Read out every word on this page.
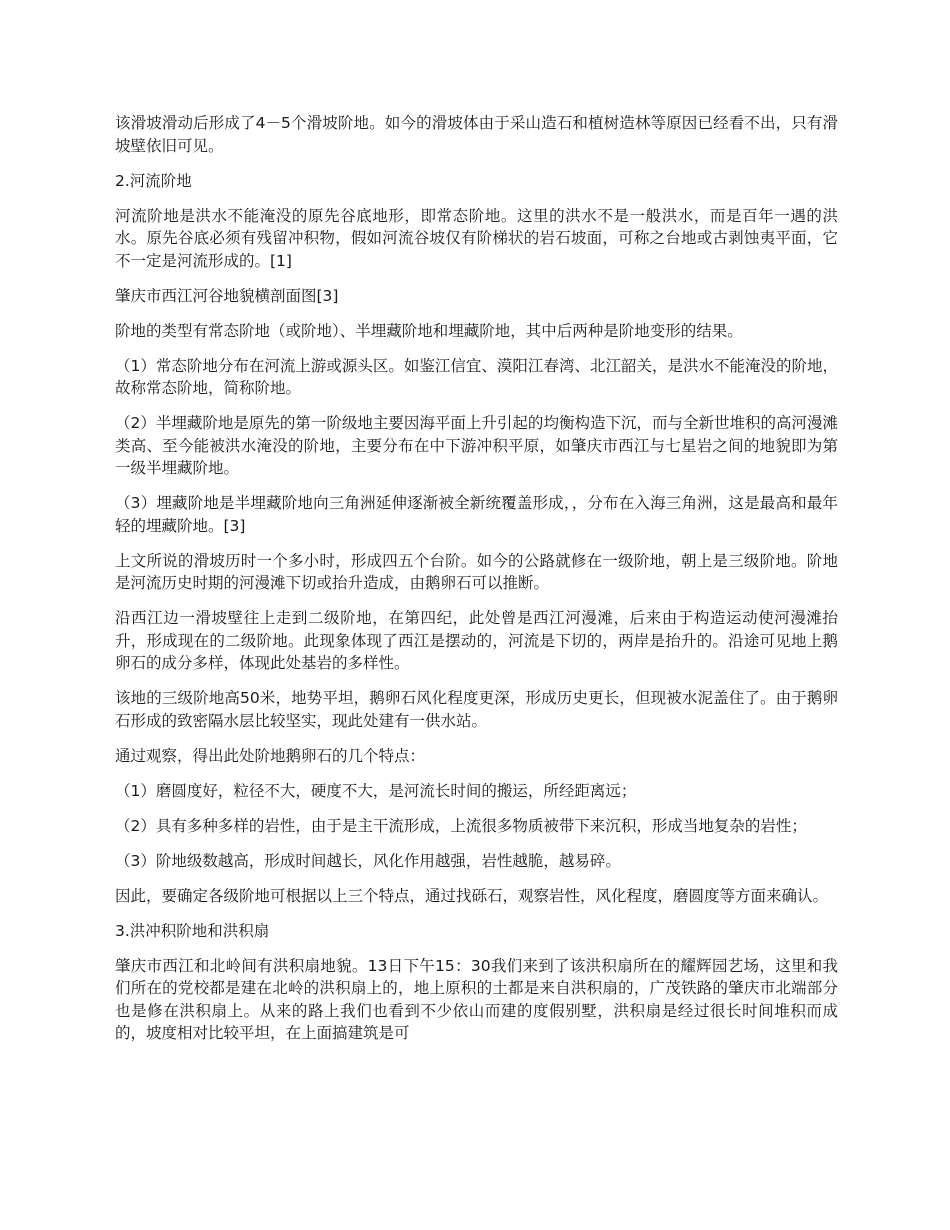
该滑坡滑动后形成了4－5个滑坡阶地。如今的滑坡体由于采山造石和植树造林等原因已经看不出，只有滑坡壁依旧可见。

2.河流阶地

河流阶地是洪水不能淹没的原先谷底地形，即常态阶地。这里的洪水不是一般洪水，而是百年一遇的洪水。原先谷底必须有残留冲积物，假如河流谷坡仅有阶梯状的岩石坡面，可称之台地或古剥蚀夷平面，它不一定是河流形成的。[1]

肇庆市西江河谷地貌横剖面图[3]

阶地的类型有常态阶地（或阶地）、半埋藏阶地和埋藏阶地，其中后两种是阶地变形的结果。

（1）常态阶地分布在河流上游或源头区。如鉴江信宜、漠阳江春湾、北江韶关，是洪水不能淹没的阶地，故称常态阶地，简称阶地。

（2）半埋藏阶地是原先的第一阶级地主要因海平面上升引起的均衡构造下沉，而与全新世堆积的高河漫滩类高、至今能被洪水淹没的阶地，主要分布在中下游冲积平原，如肇庆市西江与七星岩之间的地貌即为第一级半埋藏阶地。

（3）埋藏阶地是半埋藏阶地向三角洲延伸逐渐被全新统覆盖形成，，分布在入海三角洲，这是最高和最年轻的埋藏阶地。[3]

上文所说的滑坡历时一个多小时，形成四五个台阶。如今的公路就修在一级阶地，朝上是三级阶地。阶地是河流历史时期的河漫滩下切或抬升造成，由鹅卵石可以推断。

沿西江边一滑坡壁往上走到二级阶地，在第四纪，此处曾是西江河漫滩，后来由于构造运动使河漫滩抬升，形成现在的二级阶地。此现象体现了西江是摆动的，河流是下切的，两岸是抬升的。沿途可见地上鹅卵石的成分多样，体现此处基岩的多样性。

该地的三级阶地高50米，地势平坦，鹅卵石风化程度更深，形成历史更长，但现被水泥盖住了。由于鹅卵石形成的致密隔水层比较坚实，现此处建有一供水站。

通过观察，得出此处阶地鹅卵石的几个特点：

（1）磨圆度好，粒径不大，硬度不大，是河流长时间的搬运，所经距离远；

（2）具有多种多样的岩性，由于是主干流形成，上流很多物质被带下来沉积，形成当地复杂的岩性；

（3）阶地级数越高，形成时间越长，风化作用越强，岩性越脆，越易碎。

因此，要确定各级阶地可根据以上三个特点，通过找砾石，观察岩性，风化程度，磨圆度等方面来确认。

3.洪冲积阶地和洪积扇

肇庆市西江和北岭间有洪积扇地貌。13日下午15：30我们来到了该洪积扇所在的耀辉园艺场，这里和我们所在的党校都是建在北岭的洪积扇上的，地上原积的土都是来自洪积扇的，广茂铁路的肇庆市北端部分也是修在洪积扇上。从来的路上我们也看到不少依山而建的度假别墅，洪积扇是经过很长时间堆积而成的，坡度相对比较平坦，在上面搞建筑是可
